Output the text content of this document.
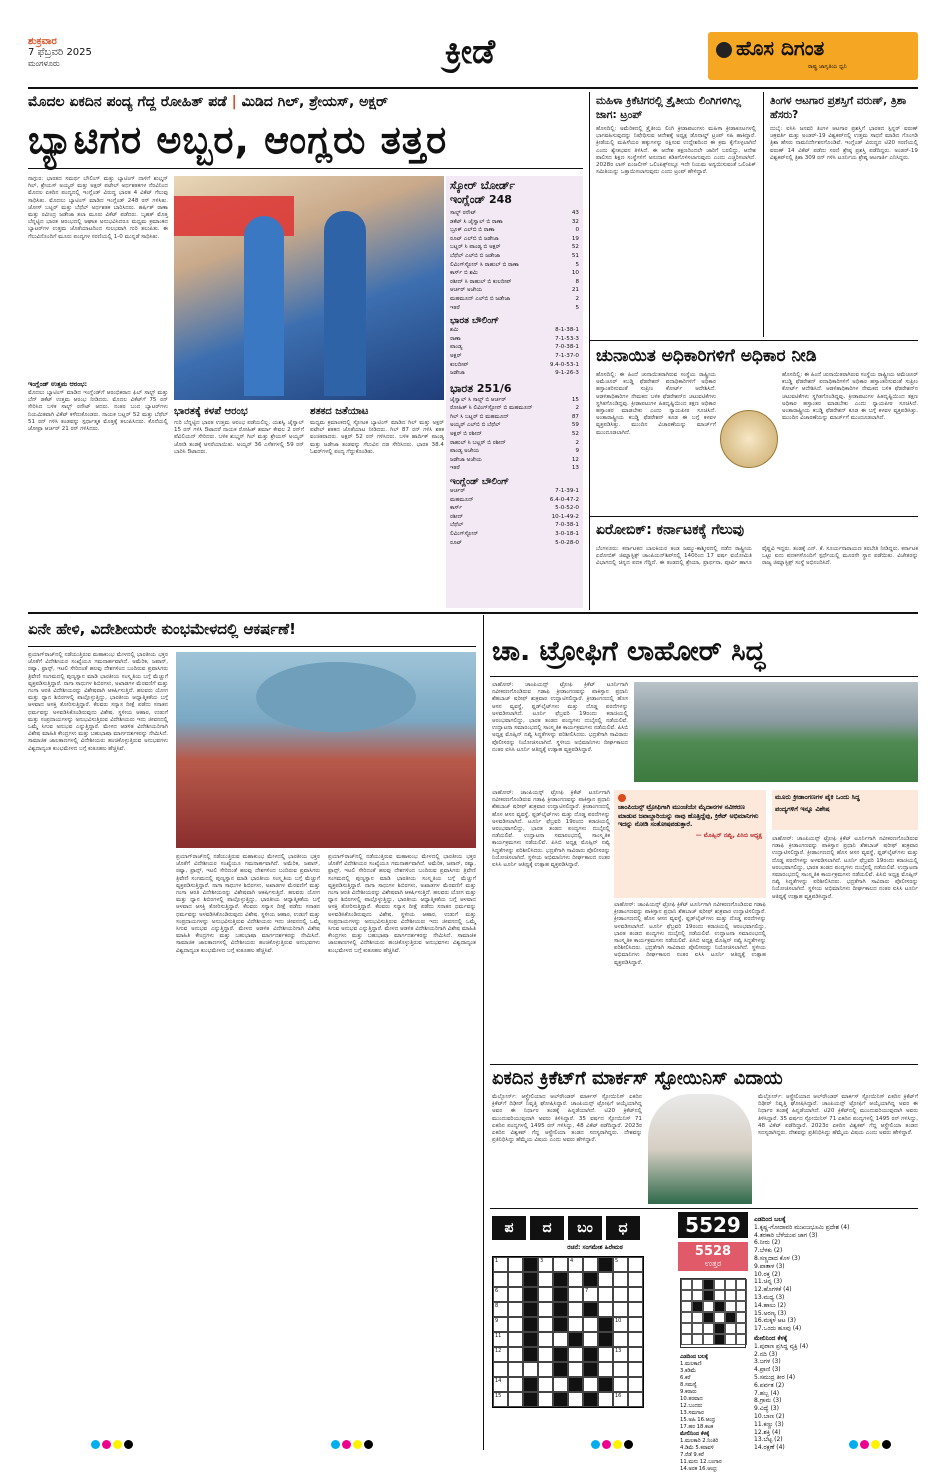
ಶುಕ್ರವಾರ
7 ಫೆಬ್ರವರಿ 2025
ಮಂಗಳೂರು	ಕ್ರೀಡೆ	ಹೊಸ ದಿಗಂತ
ರಾಷ್ಟ್ರ ಜಾಗೃತಿಯ ಧ್ವನಿ
ಮೊದಲ ಏಕದಿನ ಪಂದ್ಯ ಗೆದ್ದ ರೋಹಿತ್ ಪಡೆ | ಮಿಡಿದ ಗಿಲ್, ಶ್ರೇಯಸ್, ಅಕ್ಷರ್
ಬ್ಯಾಟಿಗರ ಅಬ್ಬರ, ಆಂಗ್ಲರು ತತ್ತರ
ನಾಗ್ಪುರ: ಭಾರತದ ಸಮರ್ಥ ಬೌಲಿಂಗ್ ಮತ್ತು ಬ್ಯಾಟಿಂಗ್ ದಾಳಿಗೆ ಶುಭ್ಮನ್ ಗಿಲ್, ಶ್ರೇಯಸ್ ಅಯ್ಯರ್ ಮತ್ತು ಅಕ್ಷರ್ ಪಟೇಲ್ ಅರ್ಧಶತಕಗಳ ನೆರವಿನಿಂದ ಮೊದಲ ಏಕದಿನ ಪಂದ್ಯದಲ್ಲಿ ಇಂಗ್ಲೆಂಡ್ ವಿರುದ್ಧ ಭಾರತ 4 ವಿಕೆಟ್ ಗೆಲುವು ಸಾಧಿಸಿತು. ಮೊದಲು ಬ್ಯಾಟಿಂಗ್ ಮಾಡಿದ ಇಂಗ್ಲೆಂಡ್ 248 ರನ್ ಗಳಿಸಿತು. ಜೋಸ್ ಬಟ್ಲರ್ ಮತ್ತು ಬೆಥೆಲ್ ಅರ್ಧಶತಕ ಬಾರಿಸಿದರು. ಹರ್ಷಿತ್ ರಾಣಾ ಮತ್ತು ರವೀಂದ್ರ ಜಡೇಜಾ ತಲಾ ಮೂರು ವಿಕೆಟ್ ಪಡೆದರು. ಬೃಹತ್ ಮೊತ್ತ ಬೆನ್ನಟ್ಟಿದ ಭಾರತ ಆರಂಭದಲ್ಲಿ ಆಘಾತ ಅನುಭವಿಸಿದರೂ ಮಧ್ಯಮ ಕ್ರಮಾಂಕದ ಬ್ಯಾಟರ್‌ಗಳ ಉತ್ತಮ ಜೊತೆಯಾಟದಿಂದ ಸುಲಭವಾಗಿ ಗುರಿ ತಲುಪಿತು. ಈ ಗೆಲುವಿನೊಂದಿಗೆ ಮೂರು ಪಂದ್ಯಗಳ ಸರಣಿಯಲ್ಲಿ 1-0 ಮುನ್ನಡೆ ಸಾಧಿಸಿತು.
ಇಂಗ್ಲೆಂಡ್ ಉತ್ತಮ ಆರಂಭ:
ಮೊದಲು ಬ್ಯಾಟಿಂಗ್ ಮಾಡಿದ ಇಂಗ್ಲೆಂಡ್‌ಗೆ ಆರಂಭಿಕರಾದ ಫಿಲ್ ಸಾಲ್ಟ್ ಮತ್ತು ಬೆನ್ ಡಕೆಟ್ ಉತ್ತಮ ಆರಂಭ ನೀಡಿದರು. ಮೊದಲ ವಿಕೆಟ್‌ಗೆ 75 ರನ್ ಸೇರಿಸಿದ ಬಳಿಕ ಸಾಲ್ಟ್ ರನೌಟ್ ಆದರು. ನಂತರ ಬಂದ ಬ್ಯಾಟರ್‌ಗಳು ನಿಯಮಿತವಾಗಿ ವಿಕೆಟ್ ಕಳೆದುಕೊಂಡರು. ನಾಯಕ ಬಟ್ಲರ್ 52 ಮತ್ತು ಬೆಥೆಲ್ 51 ರನ್ ಗಳಿಸಿ ತಂಡವನ್ನು ಸ್ಪರ್ಧಾತ್ಮಕ ಮೊತ್ತಕ್ಕೆ ತಲುಪಿಸಿದರು. ಕೊನೆಯಲ್ಲಿ ಜೋಫ್ರಾ ಆರ್ಚರ್ 21 ರನ್ ಗಳಿಸಿದರು.
ಸ್ಕೋರ್ ಬೋರ್ಡ್
ಇಂಗ್ಲೆಂಡ್ 248
ಸಾಲ್ಟ್ ರನೌಟ್	43
ಡಕೆಟ್ ಸಿ ಜೈಸ್ವಾಲ್ ಬಿ ರಾಣಾ	32
ಬ್ರೂಕ್ ಎಲ್‌ಬಿ ಬಿ ರಾಣಾ	0
ರೂಟ್ ಎಲ್‌ಬಿ ಬಿ ಜಡೇಜಾ	19
ಬಟ್ಲರ್ ಸಿ ಪಾಂಡ್ಯ ಬಿ ಅಕ್ಷರ್	52
ಬೆಥೆಲ್ ಎಲ್‌ಬಿ ಬಿ ಜಡೇಜಾ	51
ಲಿವಿಂಗ್‌ಸ್ಟೋನ್ ಸಿ ರಾಹುಲ್ ಬಿ ರಾಣಾ	5
ಕಾರ್ಸ್ ಬಿ ಶಮಿ	10
ರಶೀದ್ ಸಿ ರಾಹುಲ್ ಬಿ ಕುಲದೀಪ್	8
ಆರ್ಚರ್ ಅಜೇಯ	21
ಮಹಮೂದ್ ಎಲ್‌ಬಿ ಬಿ ಜಡೇಜಾ	2
ಇತರೆ	5
ಭಾರತ ಬೌಲಿಂಗ್
ಶಮಿ	8-1-38-1
ರಾಣಾ	7-1-53-3
ಪಾಂಡ್ಯ	7-0-38-1
ಅಕ್ಷರ್	7-1-37-0
ಕುಲದೀಪ್	9.4-0-53-1
ಜಡೇಜಾ	9-1-26-3
ಭಾರತ 251/6
ಜೈಸ್ವಾಲ್ ಸಿ ಸಾಲ್ಟ್ ಬಿ ಆರ್ಚರ್	15
ರೋಹಿತ್ ಸಿ ಲಿವಿಂಗ್‌ಸ್ಟೋನ್ ಬಿ ಮಹಮೂದ್	2
ಗಿಲ್ ಸಿ ಬಟ್ಲರ್ ಬಿ ಮಹಮೂದ್	87
ಅಯ್ಯರ್ ಎಲ್‌ಬಿ ಬಿ ಬೆಥೆಲ್	59
ಅಕ್ಷರ್ ಬಿ ರಶೀದ್	52
ರಾಹುಲ್ ಸಿ ಬಟ್ಲರ್ ಬಿ ರಶೀದ್	2
ಪಾಂಡ್ಯ ಅಜೇಯ	9
ಜಡೇಜಾ ಅಜೇಯ	12
ಇತರೆ	13
ಇಂಗ್ಲೆಂಡ್ ಬೌಲಿಂಗ್
ಆರ್ಚರ್	7-1-39-1
ಮಹಮೂದ್	6.4-0-47-2
ಕಾರ್ಸ್	5-0-52-0
ರಶೀದ್	10-1-49-2
ಬೆಥೆಲ್	7-0-38-1
ಲಿವಿಂಗ್‌ಸ್ಟೋನ್	3-0-18-1
ರೂಟ್	5-0-28-0
ಭಾರತಕ್ಕೆ ಕಳಪೆ ಆರಂಭ
ಗುರಿ ಬೆನ್ನಟ್ಟಿದ ಭಾರತ ಉತ್ತಮ ಆರಂಭ ಪಡೆಯಲಿಲ್ಲ. ಯಶಸ್ವಿ ಜೈಸ್ವಾಲ್ 15 ರನ್ ಗಳಿಸಿ ಔಟಾದರೆ ನಾಯಕ ರೋಹಿತ್ ಶರ್ಮಾ ಕೇವಲ 2 ರನ್‌ಗೆ ಪೆವಿಲಿಯನ್ ಸೇರಿದರು. ಬಳಿಕ ಶುಭ್ಮನ್ ಗಿಲ್ ಮತ್ತು ಶ್ರೇಯಸ್ ಅಯ್ಯರ್ ಜೋಡಿ ತಂಡಕ್ಕೆ ಆಸರೆಯಾಯಿತು. ಅಯ್ಯರ್ 36 ಎಸೆತಗಳಲ್ಲಿ 59 ರನ್ ಬಾರಿಸಿ ಔಟಾದರು.
ಶತಕದ ಜತೆಯಾಟ
ಮಧ್ಯಮ ಕ್ರಮಾಂಕದಲ್ಲಿ ಸ್ಫೋಟಕ ಬ್ಯಾಟಿಂಗ್ ಮಾಡಿದ ಗಿಲ್ ಮತ್ತು ಅಕ್ಷರ್ ಪಟೇಲ್ ಶತಕದ ಜೊತೆಯಾಟ ನೀಡಿದರು. ಗಿಲ್ 87 ರನ್ ಗಳಿಸಿ ಶತಕ ವಂಚಿತರಾದರು. ಅಕ್ಷರ್ 52 ರನ್ ಗಳಿಸಿದರು. ಬಳಿಕ ಹಾರ್ದಿಕ್ ಪಾಂಡ್ಯ ಮತ್ತು ಜಡೇಜಾ ತಂಡವನ್ನು ಗೆಲುವಿನ ದಡ ಸೇರಿಸಿದರು. ಭಾರತ 38.4 ಓವರ್‌ಗಳಲ್ಲಿ ಪಂದ್ಯ ಗೆದ್ದುಕೊಂಡಿತು.
ಮಹಿಳಾ ಕ್ರಿಕೆಟಿಗರಲ್ಲಿ ತ್ರೈತೀಯ ಲಿಂಗಿಗಳಿಗಿಲ್ಲ ಜಾಗ: ಟ್ರಂಪ್
ಹೊಸದಿಲ್ಲಿ: ಅಮೆರಿಕದಲ್ಲಿ ತ್ರೈತೀಯ ಲಿಂಗಿ ಕ್ರೀಡಾಪಟುಗಳು ಮಹಿಳಾ ಕ್ರೀಡಾಕೂಟಗಳಲ್ಲಿ ಭಾಗವಹಿಸುವುದನ್ನು ನಿಷೇಧಿಸುವ ಆದೇಶಕ್ಕೆ ಅಧ್ಯಕ್ಷ ಡೊನಾಲ್ಡ್ ಟ್ರಂಪ್ ಸಹಿ ಹಾಕಿದ್ದಾರೆ. ಕ್ರೀಡೆಯಲ್ಲಿ ಮಹಿಳೆಯರ ಹಕ್ಕುಗಳನ್ನು ರಕ್ಷಿಸುವ ಉದ್ದೇಶದಿಂದ ಈ ಕ್ರಮ ಕೈಗೊಳ್ಳಲಾಗಿದೆ ಎಂದು ಶ್ವೇತಭವನ ತಿಳಿಸಿದೆ. ಈ ಆದೇಶ ತಕ್ಷಣದಿಂದಲೇ ಜಾರಿಗೆ ಬರಲಿದ್ದು, ಆದೇಶ ಪಾಲಿಸದ ಶಿಕ್ಷಣ ಸಂಸ್ಥೆಗಳಿಗೆ ಅನುದಾನ ಕಡಿತಗೊಳಿಸಲಾಗುವುದು ಎಂದು ಎಚ್ಚರಿಸಲಾಗಿದೆ. 2028ರ ಲಾಸ್ ಏಂಜಲೀಸ್ ಒಲಿಂಪಿಕ್ಸ್‌ನಲ್ಲೂ ಇದೇ ನಿಯಮ ಅನ್ವಯಿಸುವಂತೆ ಒಲಿಂಪಿಕ್ ಸಮಿತಿಯನ್ನು ಒತ್ತಾಯಿಸಲಾಗುವುದು ಎಂದು ಟ್ರಂಪ್ ಹೇಳಿದ್ದಾರೆ.
ತಿಂಗಳ ಆಟಗಾರ ಪ್ರಶಸ್ತಿಗೆ ವರುಣ್, ತ್ರಿಶಾ ಹೆಸರು?
ದುಬೈ: ಐಸಿಸಿ ಜನವರಿ ತಿಂಗಳ ಆಟಗಾರ ಪ್ರಶಸ್ತಿಗೆ ಭಾರತದ ಸ್ಪಿನ್ನರ್ ವರುಣ್ ಚಕ್ರವರ್ತಿ ಮತ್ತು ಅಂಡರ್-19 ವಿಶ್ವಕಪ್‌ನಲ್ಲಿ ಉತ್ತಮ ಸಾಧನೆ ಮಾಡಿದ ಗೊಂಗಡಿ ತ್ರಿಶಾ ಹೆಸರು ನಾಮನಿರ್ದೇಶನಗೊಂಡಿವೆ. ಇಂಗ್ಲೆಂಡ್ ವಿರುದ್ಧದ ಟಿ20 ಸರಣಿಯಲ್ಲಿ ವರುಣ್ 14 ವಿಕೆಟ್ ಪಡೆದು ಸರಣಿ ಶ್ರೇಷ್ಠ ಪ್ರಶಸ್ತಿ ಪಡೆದಿದ್ದರು. ಅಂಡರ್-19 ವಿಶ್ವಕಪ್‌ನಲ್ಲಿ ತ್ರಿಶಾ 309 ರನ್ ಗಳಿಸಿ ಟೂರ್ನಿಯ ಶ್ರೇಷ್ಠ ಆಟಗಾರ್ತಿ ಎನಿಸಿದ್ದರು.
ಚುನಾಯಿತ ಅಧಿಕಾರಿಗಳಿಗೆ ಅಧಿಕಾರ ನೀಡಿ
ಹೊಸದಿಲ್ಲಿ: ಈ ಹಿಂದೆ ಚುನಾಯಿತರಾಗಿರುವ ಸಂಸ್ಥೆಯ ರಾಷ್ಟ್ರೀಯ ಅಮೆಚೂರ್ ಕಬಡ್ಡಿ ಫೆಡರೇಶನ್ ಪದಾಧಿಕಾರಿಗಳಿಗೆ ಅಧಿಕಾರ ಹಸ್ತಾಂತರಿಸುವಂತೆ ಸುಪ್ರೀಂ ಕೋರ್ಟ್ ಆದೇಶಿಸಿದೆ. ಆಡಳಿತಾಧಿಕಾರಿಗಳ ನೇಮಕದ ಬಳಿಕ ಫೆಡರೇಶನ್‌ನ ಚಟುವಟಿಕೆಗಳು ಸ್ಥಗಿತಗೊಂಡಿದ್ದವು. ಕ್ರೀಡಾಪಟುಗಳ ಹಿತದೃಷ್ಟಿಯಿಂದ ತಕ್ಷಣ ಅಧಿಕಾರ ಹಸ್ತಾಂತರ ಮಾಡಬೇಕು ಎಂದು ನ್ಯಾಯಪೀಠ ಸೂಚಿಸಿದೆ. ಅಂತಾರಾಷ್ಟ್ರೀಯ ಕಬಡ್ಡಿ ಫೆಡರೇಶನ್ ಕೂಡ ಈ ಬಗ್ಗೆ ಕಳವಳ ವ್ಯಕ್ತಪಡಿಸಿತ್ತು. ಮುಂದಿನ ವಿಚಾರಣೆಯನ್ನು ಮಾರ್ಚ್‌ಗೆ ಮುಂದೂಡಲಾಗಿದೆ.
ಹೊಸದಿಲ್ಲಿ: ಈ ಹಿಂದೆ ಚುನಾಯಿತರಾಗಿರುವ ಸಂಸ್ಥೆಯ ರಾಷ್ಟ್ರೀಯ ಅಮೆಚೂರ್ ಕಬಡ್ಡಿ ಫೆಡರೇಶನ್ ಪದಾಧಿಕಾರಿಗಳಿಗೆ ಅಧಿಕಾರ ಹಸ್ತಾಂತರಿಸುವಂತೆ ಸುಪ್ರೀಂ ಕೋರ್ಟ್ ಆದೇಶಿಸಿದೆ. ಆಡಳಿತಾಧಿಕಾರಿಗಳ ನೇಮಕದ ಬಳಿಕ ಫೆಡರೇಶನ್‌ನ ಚಟುವಟಿಕೆಗಳು ಸ್ಥಗಿತಗೊಂಡಿದ್ದವು. ಕ್ರೀಡಾಪಟುಗಳ ಹಿತದೃಷ್ಟಿಯಿಂದ ತಕ್ಷಣ ಅಧಿಕಾರ ಹಸ್ತಾಂತರ ಮಾಡಬೇಕು ಎಂದು ನ್ಯಾಯಪೀಠ ಸೂಚಿಸಿದೆ. ಅಂತಾರಾಷ್ಟ್ರೀಯ ಕಬಡ್ಡಿ ಫೆಡರೇಶನ್ ಕೂಡ ಈ ಬಗ್ಗೆ ಕಳವಳ ವ್ಯಕ್ತಪಡಿಸಿತ್ತು. ಮುಂದಿನ ವಿಚಾರಣೆಯನ್ನು ಮಾರ್ಚ್‌ಗೆ ಮುಂದೂಡಲಾಗಿದೆ.
ಏರೋಬಿಕ್: ಕರ್ನಾಟಕಕ್ಕೆ ಗೆಲುವು
ಬೆಂಗಳೂರು: ಕರ್ನಾಟಕದ ಬಾಲಕಿಯರ ತಂಡ ಜಮ್ಮು-ಕಾಶ್ಮೀರದಲ್ಲಿ ನಡೆದ ರಾಷ್ಟ್ರೀಯ ಏರೋಬಿಕ್ ಜಿಮ್ನಾಸ್ಟಿಕ್ಸ್ ಚಾಂಪಿಯನ್‌ಶಿಪ್‌ನಲ್ಲಿ 140ರಿಂದ 17 ವರ್ಷ ವಯೋಮಿತಿ ವಿಭಾಗದಲ್ಲಿ ಚಿನ್ನದ ಪದಕ ಗೆದ್ದಿದೆ. ಈ ತಂಡದಲ್ಲಿ ಶ್ರೇಯಾ, ಪ್ರಾರ್ಥನಾ, ಪೂರ್ವಿ ಹಾಗೂ ವೈಷ್ಣವಿ ಇದ್ದರು. ತಂಡಕ್ಕೆ ಎನ್. ಕೆ. ಸೂರ್ಯನಾರಾಯಣ ತರಬೇತಿ ನೀಡಿದ್ದರು. ಕರ್ನಾಟಕ ಒಟ್ಟು ಐದು ಪದಕಗಳೊಂದಿಗೆ ಸ್ಪರ್ಧೆಯಲ್ಲಿ ಮೂರನೇ ಸ್ಥಾನ ಪಡೆಯಿತು. ವಿಜೇತರನ್ನು ರಾಜ್ಯ ಜಿಮ್ನಾಸ್ಟಿಕ್ಸ್ ಸಂಸ್ಥೆ ಅಭಿನಂದಿಸಿದೆ.
ಏನೇ ಹೇಳಿ, ವಿದೇಶೀಯರೇ ಕುಂಭಮೇಳದಲ್ಲಿ ಆಕರ್ಷಣೆ!
ಪ್ರಯಾಗ್‌ರಾಜ್‌ನಲ್ಲಿ ನಡೆಯುತ್ತಿರುವ ಮಹಾಕುಂಭ ಮೇಳದಲ್ಲಿ ಭಾರತೀಯ ಭಕ್ತರ ಜೊತೆಗೆ ವಿದೇಶೀಯರ ಸಂಖ್ಯೆಯೂ ಗಮನಾರ್ಹವಾಗಿದೆ. ಅಮೆರಿಕ, ಜಪಾನ್, ರಷ್ಯಾ, ಫ್ರಾನ್ಸ್, ಇಟಲಿ ಸೇರಿದಂತೆ ಹಲವು ದೇಶಗಳಿಂದ ಬಂದಿರುವ ಪ್ರವಾಸಿಗರು ತ್ರಿವೇಣಿ ಸಂಗಮದಲ್ಲಿ ಪುಣ್ಯಸ್ನಾನ ಮಾಡಿ ಭಾರತೀಯ ಸಂಸ್ಕೃತಿಯ ಬಗ್ಗೆ ಮೆಚ್ಚುಗೆ ವ್ಯಕ್ತಪಡಿಸುತ್ತಿದ್ದಾರೆ. ನಾಗಾ ಸಾಧುಗಳ ಶಿಬಿರಗಳು, ಅಖಾಡಗಳ ಮೆರವಣಿಗೆ ಮತ್ತು ಗಂಗಾ ಆರತಿ ವಿದೇಶೀಯರನ್ನು ವಿಶೇಷವಾಗಿ ಆಕರ್ಷಿಸುತ್ತಿದೆ. ಹಲವರು ಯೋಗ ಮತ್ತು ಧ್ಯಾನ ಶಿಬಿರಗಳಲ್ಲಿ ಪಾಲ್ಗೊಳ್ಳುತ್ತಿದ್ದು, ಭಾರತೀಯ ಆಧ್ಯಾತ್ಮಿಕತೆಯ ಬಗ್ಗೆ ಆಳವಾದ ಆಸಕ್ತಿ ತೋರಿಸುತ್ತಿದ್ದಾರೆ. ಕೆಲವರು ಸನ್ಯಾಸ ದೀಕ್ಷೆ ಪಡೆದು ಸನಾತನ ಧರ್ಮವನ್ನು ಅಳವಡಿಸಿಕೊಂಡಿರುವುದು ವಿಶೇಷ. ಸ್ಥಳೀಯ ಆಹಾರ, ಉಡುಗೆ ಮತ್ತು ಸಂಪ್ರದಾಯಗಳನ್ನು ಅನುಭವಿಸುತ್ತಿರುವ ವಿದೇಶೀಯರು ಇದು ಜೀವನದಲ್ಲಿ ಒಮ್ಮೆ ಸಿಗುವ ಅನುಭವ ಎನ್ನುತ್ತಿದ್ದಾರೆ. ಮೇಳದ ಆಡಳಿತ ವಿದೇಶೀಯರಿಗಾಗಿ ವಿಶೇಷ ಮಾಹಿತಿ ಕೇಂದ್ರಗಳು ಮತ್ತು ಬಹುಭಾಷಾ ಮಾರ್ಗದರ್ಶಕರನ್ನು ನೇಮಿಸಿದೆ. ಸಾಮಾಜಿಕ ಜಾಲತಾಣಗಳಲ್ಲಿ ವಿದೇಶೀಯರು ಹಂಚಿಕೊಳ್ಳುತ್ತಿರುವ ಅನುಭವಗಳು ವಿಶ್ವದಾದ್ಯಂತ ಕುಂಭಮೇಳದ ಬಗ್ಗೆ ಕುತೂಹಲ ಹೆಚ್ಚಿಸಿವೆ.
ಪ್ರಯಾಗ್‌ರಾಜ್‌ನಲ್ಲಿ ನಡೆಯುತ್ತಿರುವ ಮಹಾಕುಂಭ ಮೇಳದಲ್ಲಿ ಭಾರತೀಯ ಭಕ್ತರ ಜೊತೆಗೆ ವಿದೇಶೀಯರ ಸಂಖ್ಯೆಯೂ ಗಮನಾರ್ಹವಾಗಿದೆ. ಅಮೆರಿಕ, ಜಪಾನ್, ರಷ್ಯಾ, ಫ್ರಾನ್ಸ್, ಇಟಲಿ ಸೇರಿದಂತೆ ಹಲವು ದೇಶಗಳಿಂದ ಬಂದಿರುವ ಪ್ರವಾಸಿಗರು ತ್ರಿವೇಣಿ ಸಂಗಮದಲ್ಲಿ ಪುಣ್ಯಸ್ನಾನ ಮಾಡಿ ಭಾರತೀಯ ಸಂಸ್ಕೃತಿಯ ಬಗ್ಗೆ ಮೆಚ್ಚುಗೆ ವ್ಯಕ್ತಪಡಿಸುತ್ತಿದ್ದಾರೆ. ನಾಗಾ ಸಾಧುಗಳ ಶಿಬಿರಗಳು, ಅಖಾಡಗಳ ಮೆರವಣಿಗೆ ಮತ್ತು ಗಂಗಾ ಆರತಿ ವಿದೇಶೀಯರನ್ನು ವಿಶೇಷವಾಗಿ ಆಕರ್ಷಿಸುತ್ತಿದೆ. ಹಲವರು ಯೋಗ ಮತ್ತು ಧ್ಯಾನ ಶಿಬಿರಗಳಲ್ಲಿ ಪಾಲ್ಗೊಳ್ಳುತ್ತಿದ್ದು, ಭಾರತೀಯ ಆಧ್ಯಾತ್ಮಿಕತೆಯ ಬಗ್ಗೆ ಆಳವಾದ ಆಸಕ್ತಿ ತೋರಿಸುತ್ತಿದ್ದಾರೆ. ಕೆಲವರು ಸನ್ಯಾಸ ದೀಕ್ಷೆ ಪಡೆದು ಸನಾತನ ಧರ್ಮವನ್ನು ಅಳವಡಿಸಿಕೊಂಡಿರುವುದು ವಿಶೇಷ. ಸ್ಥಳೀಯ ಆಹಾರ, ಉಡುಗೆ ಮತ್ತು ಸಂಪ್ರದಾಯಗಳನ್ನು ಅನುಭವಿಸುತ್ತಿರುವ ವಿದೇಶೀಯರು ಇದು ಜೀವನದಲ್ಲಿ ಒಮ್ಮೆ ಸಿಗುವ ಅನುಭವ ಎನ್ನುತ್ತಿದ್ದಾರೆ. ಮೇಳದ ಆಡಳಿತ ವಿದೇಶೀಯರಿಗಾಗಿ ವಿಶೇಷ ಮಾಹಿತಿ ಕೇಂದ್ರಗಳು ಮತ್ತು ಬಹುಭಾಷಾ ಮಾರ್ಗದರ್ಶಕರನ್ನು ನೇಮಿಸಿದೆ. ಸಾಮಾಜಿಕ ಜಾಲತಾಣಗಳಲ್ಲಿ ವಿದೇಶೀಯರು ಹಂಚಿಕೊಳ್ಳುತ್ತಿರುವ ಅನುಭವಗಳು ವಿಶ್ವದಾದ್ಯಂತ ಕುಂಭಮೇಳದ ಬಗ್ಗೆ ಕುತೂಹಲ ಹೆಚ್ಚಿಸಿವೆ.
ಪ್ರಯಾಗ್‌ರಾಜ್‌ನಲ್ಲಿ ನಡೆಯುತ್ತಿರುವ ಮಹಾಕುಂಭ ಮೇಳದಲ್ಲಿ ಭಾರತೀಯ ಭಕ್ತರ ಜೊತೆಗೆ ವಿದೇಶೀಯರ ಸಂಖ್ಯೆಯೂ ಗಮನಾರ್ಹವಾಗಿದೆ. ಅಮೆರಿಕ, ಜಪಾನ್, ರಷ್ಯಾ, ಫ್ರಾನ್ಸ್, ಇಟಲಿ ಸೇರಿದಂತೆ ಹಲವು ದೇಶಗಳಿಂದ ಬಂದಿರುವ ಪ್ರವಾಸಿಗರು ತ್ರಿವೇಣಿ ಸಂಗಮದಲ್ಲಿ ಪುಣ್ಯಸ್ನಾನ ಮಾಡಿ ಭಾರತೀಯ ಸಂಸ್ಕೃತಿಯ ಬಗ್ಗೆ ಮೆಚ್ಚುಗೆ ವ್ಯಕ್ತಪಡಿಸುತ್ತಿದ್ದಾರೆ. ನಾಗಾ ಸಾಧುಗಳ ಶಿಬಿರಗಳು, ಅಖಾಡಗಳ ಮೆರವಣಿಗೆ ಮತ್ತು ಗಂಗಾ ಆರತಿ ವಿದೇಶೀಯರನ್ನು ವಿಶೇಷವಾಗಿ ಆಕರ್ಷಿಸುತ್ತಿದೆ. ಹಲವರು ಯೋಗ ಮತ್ತು ಧ್ಯಾನ ಶಿಬಿರಗಳಲ್ಲಿ ಪಾಲ್ಗೊಳ್ಳುತ್ತಿದ್ದು, ಭಾರತೀಯ ಆಧ್ಯಾತ್ಮಿಕತೆಯ ಬಗ್ಗೆ ಆಳವಾದ ಆಸಕ್ತಿ ತೋರಿಸುತ್ತಿದ್ದಾರೆ. ಕೆಲವರು ಸನ್ಯಾಸ ದೀಕ್ಷೆ ಪಡೆದು ಸನಾತನ ಧರ್ಮವನ್ನು ಅಳವಡಿಸಿಕೊಂಡಿರುವುದು ವಿಶೇಷ. ಸ್ಥಳೀಯ ಆಹಾರ, ಉಡುಗೆ ಮತ್ತು ಸಂಪ್ರದಾಯಗಳನ್ನು ಅನುಭವಿಸುತ್ತಿರುವ ವಿದೇಶೀಯರು ಇದು ಜೀವನದಲ್ಲಿ ಒಮ್ಮೆ ಸಿಗುವ ಅನುಭವ ಎನ್ನುತ್ತಿದ್ದಾರೆ. ಮೇಳದ ಆಡಳಿತ ವಿದೇಶೀಯರಿಗಾಗಿ ವಿಶೇಷ ಮಾಹಿತಿ ಕೇಂದ್ರಗಳು ಮತ್ತು ಬಹುಭಾಷಾ ಮಾರ್ಗದರ್ಶಕರನ್ನು ನೇಮಿಸಿದೆ. ಸಾಮಾಜಿಕ ಜಾಲತಾಣಗಳಲ್ಲಿ ವಿದೇಶೀಯರು ಹಂಚಿಕೊಳ್ಳುತ್ತಿರುವ ಅನುಭವಗಳು ವಿಶ್ವದಾದ್ಯಂತ ಕುಂಭಮೇಳದ ಬಗ್ಗೆ ಕುತೂಹಲ ಹೆಚ್ಚಿಸಿವೆ.
ಚಾ. ಟ್ರೋಫಿಗೆ ಲಾಹೋರ್ ಸಿದ್ಧ
ಲಾಹೋರ್: ಚಾಂಪಿಯನ್ಸ್ ಟ್ರೋಫಿ ಕ್ರಿಕೆಟ್ ಟೂರ್ನಿಗಾಗಿ ನವೀಕರಣಗೊಂಡಿರುವ ಗಡಾಫಿ ಕ್ರೀಡಾಂಗಣವನ್ನು ಪಾಕಿಸ್ತಾನ ಪ್ರಧಾನಿ ಶೆಹಬಾಜ್ ಷರೀಫ್ ಶುಕ್ರವಾರ ಉದ್ಘಾಟಿಸಲಿದ್ದಾರೆ. ಕ್ರೀಡಾಂಗಣದಲ್ಲಿ ಹೊಸ ಆಸನ ವ್ಯವಸ್ಥೆ, ಫ್ಲಡ್‌ಲೈಟ್‌ಗಳು ಮತ್ತು ದೊಡ್ಡ ಪರದೆಗಳನ್ನು ಅಳವಡಿಸಲಾಗಿದೆ. ಟೂರ್ನಿ ಫೆಬ್ರವರಿ 19ರಂದು ಕರಾಚಿಯಲ್ಲಿ ಆರಂಭವಾಗಲಿದ್ದು, ಭಾರತ ತಂಡದ ಪಂದ್ಯಗಳು ದುಬೈನಲ್ಲಿ ನಡೆಯಲಿವೆ. ಉದ್ಘಾಟನಾ ಸಮಾರಂಭದಲ್ಲಿ ಸಾಂಸ್ಕೃತಿಕ ಕಾರ್ಯಕ್ರಮಗಳು ನಡೆಯಲಿವೆ. ಪಿಸಿಬಿ ಅಧ್ಯಕ್ಷ ಮೊಹ್ಸಿನ್ ನಖ್ವಿ ಸಿದ್ಧತೆಗಳನ್ನು ಪರಿಶೀಲಿಸಿದರು. ಭದ್ರತೆಗಾಗಿ ಸಾವಿರಾರು ಪೊಲೀಸರನ್ನು ನಿಯೋಜಿಸಲಾಗಿದೆ. ಸ್ಥಳೀಯ ಅಭಿಮಾನಿಗಳು ದೀರ್ಘಕಾಲದ ನಂತರ ಐಸಿಸಿ ಟೂರ್ನಿ ಆತಿಥ್ಯಕ್ಕೆ ಉತ್ಸಾಹ ವ್ಯಕ್ತಪಡಿಸಿದ್ದಾರೆ.
ಲಾಹೋರ್: ಚಾಂಪಿಯನ್ಸ್ ಟ್ರೋಫಿ ಕ್ರಿಕೆಟ್ ಟೂರ್ನಿಗಾಗಿ ನವೀಕರಣಗೊಂಡಿರುವ ಗಡಾಫಿ ಕ್ರೀಡಾಂಗಣವನ್ನು ಪಾಕಿಸ್ತಾನ ಪ್ರಧಾನಿ ಶೆಹಬಾಜ್ ಷರೀಫ್ ಶುಕ್ರವಾರ ಉದ್ಘಾಟಿಸಲಿದ್ದಾರೆ. ಕ್ರೀಡಾಂಗಣದಲ್ಲಿ ಹೊಸ ಆಸನ ವ್ಯವಸ್ಥೆ, ಫ್ಲಡ್‌ಲೈಟ್‌ಗಳು ಮತ್ತು ದೊಡ್ಡ ಪರದೆಗಳನ್ನು ಅಳವಡಿಸಲಾಗಿದೆ. ಟೂರ್ನಿ ಫೆಬ್ರವರಿ 19ರಂದು ಕರಾಚಿಯಲ್ಲಿ ಆರಂಭವಾಗಲಿದ್ದು, ಭಾರತ ತಂಡದ ಪಂದ್ಯಗಳು ದುಬೈನಲ್ಲಿ ನಡೆಯಲಿವೆ. ಉದ್ಘಾಟನಾ ಸಮಾರಂಭದಲ್ಲಿ ಸಾಂಸ್ಕೃತಿಕ ಕಾರ್ಯಕ್ರಮಗಳು ನಡೆಯಲಿವೆ. ಪಿಸಿಬಿ ಅಧ್ಯಕ್ಷ ಮೊಹ್ಸಿನ್ ನಖ್ವಿ ಸಿದ್ಧತೆಗಳನ್ನು ಪರಿಶೀಲಿಸಿದರು. ಭದ್ರತೆಗಾಗಿ ಸಾವಿರಾರು ಪೊಲೀಸರನ್ನು ನಿಯೋಜಿಸಲಾಗಿದೆ. ಸ್ಥಳೀಯ ಅಭಿಮಾನಿಗಳು ದೀರ್ಘಕಾಲದ ನಂತರ ಐಸಿಸಿ ಟೂರ್ನಿ ಆತಿಥ್ಯಕ್ಕೆ ಉತ್ಸಾಹ ವ್ಯಕ್ತಪಡಿಸಿದ್ದಾರೆ.
ಚಾಂಪಿಯನ್ಸ್ ಟ್ರೋಫಿಗಾಗಿ ಮುಂಚೆಯೇ ಮೈದಾನಗಳ ನವೀಕರಣ ಮಾಡುವ ಜವಾಬ್ದಾರಿಯನ್ನು ನಾವು ಹೊತ್ತಿದ್ದೆವು, ಕ್ರಿಕೆಟ್ ಅಭಿಮಾನಿಗಳು ಇದನ್ನು ನೋಡಿ ಸಂತೋಷಪಡುತ್ತಾರೆ.
— ಮೊಹ್ಸಿನ್ ನಖ್ವಿ, ಪಿಸಿಬಿ ಅಧ್ಯಕ್ಷ
ಮೂರು ಕ್ರೀಡಾಂಗಣಗಳ ಪೈಕಿ ಒಂದು ಸಿದ್ಧ
ಪಂದ್ಯಗಳಿಗೆ ಇನ್ನೂ ವಿಶೇಷ
ಲಾಹೋರ್: ಚಾಂಪಿಯನ್ಸ್ ಟ್ರೋಫಿ ಕ್ರಿಕೆಟ್ ಟೂರ್ನಿಗಾಗಿ ನವೀಕರಣಗೊಂಡಿರುವ ಗಡಾಫಿ ಕ್ರೀಡಾಂಗಣವನ್ನು ಪಾಕಿಸ್ತಾನ ಪ್ರಧಾನಿ ಶೆಹಬಾಜ್ ಷರೀಫ್ ಶುಕ್ರವಾರ ಉದ್ಘಾಟಿಸಲಿದ್ದಾರೆ. ಕ್ರೀಡಾಂಗಣದಲ್ಲಿ ಹೊಸ ಆಸನ ವ್ಯವಸ್ಥೆ, ಫ್ಲಡ್‌ಲೈಟ್‌ಗಳು ಮತ್ತು ದೊಡ್ಡ ಪರದೆಗಳನ್ನು ಅಳವಡಿಸಲಾಗಿದೆ. ಟೂರ್ನಿ ಫೆಬ್ರವರಿ 19ರಂದು ಕರಾಚಿಯಲ್ಲಿ ಆರಂಭವಾಗಲಿದ್ದು, ಭಾರತ ತಂಡದ ಪಂದ್ಯಗಳು ದುಬೈನಲ್ಲಿ ನಡೆಯಲಿವೆ. ಉದ್ಘಾಟನಾ ಸಮಾರಂಭದಲ್ಲಿ ಸಾಂಸ್ಕೃತಿಕ ಕಾರ್ಯಕ್ರಮಗಳು ನಡೆಯಲಿವೆ. ಪಿಸಿಬಿ ಅಧ್ಯಕ್ಷ ಮೊಹ್ಸಿನ್ ನಖ್ವಿ ಸಿದ್ಧತೆಗಳನ್ನು ಪರಿಶೀಲಿಸಿದರು. ಭದ್ರತೆಗಾಗಿ ಸಾವಿರಾರು ಪೊಲೀಸರನ್ನು ನಿಯೋಜಿಸಲಾಗಿದೆ. ಸ್ಥಳೀಯ ಅಭಿಮಾನಿಗಳು ದೀರ್ಘಕಾಲದ ನಂತರ ಐಸಿಸಿ ಟೂರ್ನಿ ಆತಿಥ್ಯಕ್ಕೆ ಉತ್ಸಾಹ ವ್ಯಕ್ತಪಡಿಸಿದ್ದಾರೆ.
ಲಾಹೋರ್: ಚಾಂಪಿಯನ್ಸ್ ಟ್ರೋಫಿ ಕ್ರಿಕೆಟ್ ಟೂರ್ನಿಗಾಗಿ ನವೀಕರಣಗೊಂಡಿರುವ ಗಡಾಫಿ ಕ್ರೀಡಾಂಗಣವನ್ನು ಪಾಕಿಸ್ತಾನ ಪ್ರಧಾನಿ ಶೆಹಬಾಜ್ ಷರೀಫ್ ಶುಕ್ರವಾರ ಉದ್ಘಾಟಿಸಲಿದ್ದಾರೆ. ಕ್ರೀಡಾಂಗಣದಲ್ಲಿ ಹೊಸ ಆಸನ ವ್ಯವಸ್ಥೆ, ಫ್ಲಡ್‌ಲೈಟ್‌ಗಳು ಮತ್ತು ದೊಡ್ಡ ಪರದೆಗಳನ್ನು ಅಳವಡಿಸಲಾಗಿದೆ. ಟೂರ್ನಿ ಫೆಬ್ರವರಿ 19ರಂದು ಕರಾಚಿಯಲ್ಲಿ ಆರಂಭವಾಗಲಿದ್ದು, ಭಾರತ ತಂಡದ ಪಂದ್ಯಗಳು ದುಬೈನಲ್ಲಿ ನಡೆಯಲಿವೆ. ಉದ್ಘಾಟನಾ ಸಮಾರಂಭದಲ್ಲಿ ಸಾಂಸ್ಕೃತಿಕ ಕಾರ್ಯಕ್ರಮಗಳು ನಡೆಯಲಿವೆ. ಪಿಸಿಬಿ ಅಧ್ಯಕ್ಷ ಮೊಹ್ಸಿನ್ ನಖ್ವಿ ಸಿದ್ಧತೆಗಳನ್ನು ಪರಿಶೀಲಿಸಿದರು. ಭದ್ರತೆಗಾಗಿ ಸಾವಿರಾರು ಪೊಲೀಸರನ್ನು ನಿಯೋಜಿಸಲಾಗಿದೆ. ಸ್ಥಳೀಯ ಅಭಿಮಾನಿಗಳು ದೀರ್ಘಕಾಲದ ನಂತರ ಐಸಿಸಿ ಟೂರ್ನಿ ಆತಿಥ್ಯಕ್ಕೆ ಉತ್ಸಾಹ ವ್ಯಕ್ತಪಡಿಸಿದ್ದಾರೆ.
ಏಕದಿನ ಕ್ರಿಕೆಟ್‌ಗೆ ಮಾರ್ಕಸ್ ಸ್ಟೋಯಿನಿಸ್ ವಿದಾಯ
ಮೆಲ್ಬೋರ್ನ್: ಆಸ್ಟ್ರೇಲಿಯಾದ ಆಲ್‌ರೌಂಡರ್ ಮಾರ್ಕಸ್ ಸ್ಟೋಯಿನಿಸ್ ಏಕದಿನ ಕ್ರಿಕೆಟ್‌ಗೆ ದಿಢೀರ್ ನಿವೃತ್ತಿ ಘೋಷಿಸಿದ್ದಾರೆ. ಚಾಂಪಿಯನ್ಸ್ ಟ್ರೋಫಿಗೆ ಆಯ್ಕೆಯಾಗಿದ್ದ ಅವರ ಈ ನಿರ್ಧಾರ ತಂಡಕ್ಕೆ ಹಿನ್ನಡೆಯಾಗಿದೆ. ಟಿ20 ಕ್ರಿಕೆಟ್‌ನಲ್ಲಿ ಮುಂದುವರಿಯುವುದಾಗಿ ಅವರು ತಿಳಿಸಿದ್ದಾರೆ. 35 ವರ್ಷದ ಸ್ಟೋಯಿನಿಸ್ 71 ಏಕದಿನ ಪಂದ್ಯಗಳಲ್ಲಿ 1495 ರನ್ ಗಳಿಸಿದ್ದು, 48 ವಿಕೆಟ್ ಪಡೆದಿದ್ದಾರೆ. 2023ರ ಏಕದಿನ ವಿಶ್ವಕಪ್ ಗೆದ್ದ ಆಸ್ಟ್ರೇಲಿಯಾ ತಂಡದ ಸದಸ್ಯರಾಗಿದ್ದರು. ದೇಶವನ್ನು ಪ್ರತಿನಿಧಿಸಿದ್ದು ಹೆಮ್ಮೆಯ ವಿಷಯ ಎಂದು ಅವರು ಹೇಳಿದ್ದಾರೆ.
ಮೆಲ್ಬೋರ್ನ್: ಆಸ್ಟ್ರೇಲಿಯಾದ ಆಲ್‌ರೌಂಡರ್ ಮಾರ್ಕಸ್ ಸ್ಟೋಯಿನಿಸ್ ಏಕದಿನ ಕ್ರಿಕೆಟ್‌ಗೆ ದಿಢೀರ್ ನಿವೃತ್ತಿ ಘೋಷಿಸಿದ್ದಾರೆ. ಚಾಂಪಿಯನ್ಸ್ ಟ್ರೋಫಿಗೆ ಆಯ್ಕೆಯಾಗಿದ್ದ ಅವರ ಈ ನಿರ್ಧಾರ ತಂಡಕ್ಕೆ ಹಿನ್ನಡೆಯಾಗಿದೆ. ಟಿ20 ಕ್ರಿಕೆಟ್‌ನಲ್ಲಿ ಮುಂದುವರಿಯುವುದಾಗಿ ಅವರು ತಿಳಿಸಿದ್ದಾರೆ. 35 ವರ್ಷದ ಸ್ಟೋಯಿನಿಸ್ 71 ಏಕದಿನ ಪಂದ್ಯಗಳಲ್ಲಿ 1495 ರನ್ ಗಳಿಸಿದ್ದು, 48 ವಿಕೆಟ್ ಪಡೆದಿದ್ದಾರೆ. 2023ರ ಏಕದಿನ ವಿಶ್ವಕಪ್ ಗೆದ್ದ ಆಸ್ಟ್ರೇಲಿಯಾ ತಂಡದ ಸದಸ್ಯರಾಗಿದ್ದರು. ದೇಶವನ್ನು ಪ್ರತಿನಿಧಿಸಿದ್ದು ಹೆಮ್ಮೆಯ ವಿಷಯ ಎಂದು ಅವರು ಹೇಳಿದ್ದಾರೆ.
ಪ	ದ	ಬಂ	ಧ	5529
ರಚನೆ: ಸಂಗಮೇಶ ಹಿರೇಮಠ
1	3	4	5
6	7
8
9	10
11
12	13
14
15	16
5528
ಉತ್ತರ
ಎಡದಿಂದ ಬಲಕ್ಕೆ
1.ಮಲಕಾಣಿ
3.ಕಡಿಮೆ
6.ಕರೆ
8.ಸಮಸ್ಯೆ
9.ಕರಾರು
10.ತರವಾದ
12.ಬಂದರು
13.ಸಮಗಾರ
15.ಅಹಿ 16.ಆಂಧ್ರ
17.ಹರ 18.ಕಟಕ
ಮೇಲಿನಿಂದ ಕೆಳಕ್ಕೆ
1.ಮಲಕಾರಿ 2.ನಿಂತಿರಿ
4.ಡಿಮೆ 5.ಕರಾವಳಿ
7.ರೆಡೆ 9.ಕರೆ
11.ಮನು 12.ಬಂಗಾರ
14.ಅರಕ 16.ಆಂಧ್ರ
ಎಡದಿಂದ ಬಲಕ್ಕೆ
1.ಕೃಷ್ಣ-ಗೋದಾವರಿ ಮುಖಜಭೂಮಿ ಪ್ರದೇಶ (4)
4.ತರಕಾರಿ ಬೆಳೆಯುವ ಜಾಗ (3)
6.ನೀರು (2)
7.ಬೆಳಕು (2)
8.ಸಣ್ಣದಾದ ಕೊಳ (3)
9.ಪಾತಾಳ (3)
10.ರಕ್ತ (2)
11.ಚಿನ್ನ (3)
12.ಹೊಗಳಿಕೆ (4)
13.ಮಧ್ಯ (3)
14.ಹಾಲು (2)
15.ಅರಣ್ಯ (3)
16.ಮಕ್ಕಳ ಆಟ (3)
17.ಒಂದು ಹೂವು (4)
ಮೇಲಿನಿಂದ ಕೆಳಕ್ಕೆ
1.ಪುರಾಣ ಪ್ರಸಿದ್ಧ ವ್ಯಕ್ತಿ (4)
2.ನದಿ (3)
3.ಜಗಳ (3)
4.ಪ್ರಾಣಿ (3)
5.ಸಮುದ್ರ ತೀರ (4)
6.ಪರ್ವತ (2)
7.ಹಬ್ಬ (4)
8.ಗ್ರಾಮ (3)
9.ವಿದ್ಯೆ (3)
10.ಬಾಣ (2)
11.ಕಣ್ಣು (3)
12.ಶಕ್ತಿ (4)
13.ಬೆಟ್ಟ (2)
14.ರಕ್ಷಣೆ (4)
